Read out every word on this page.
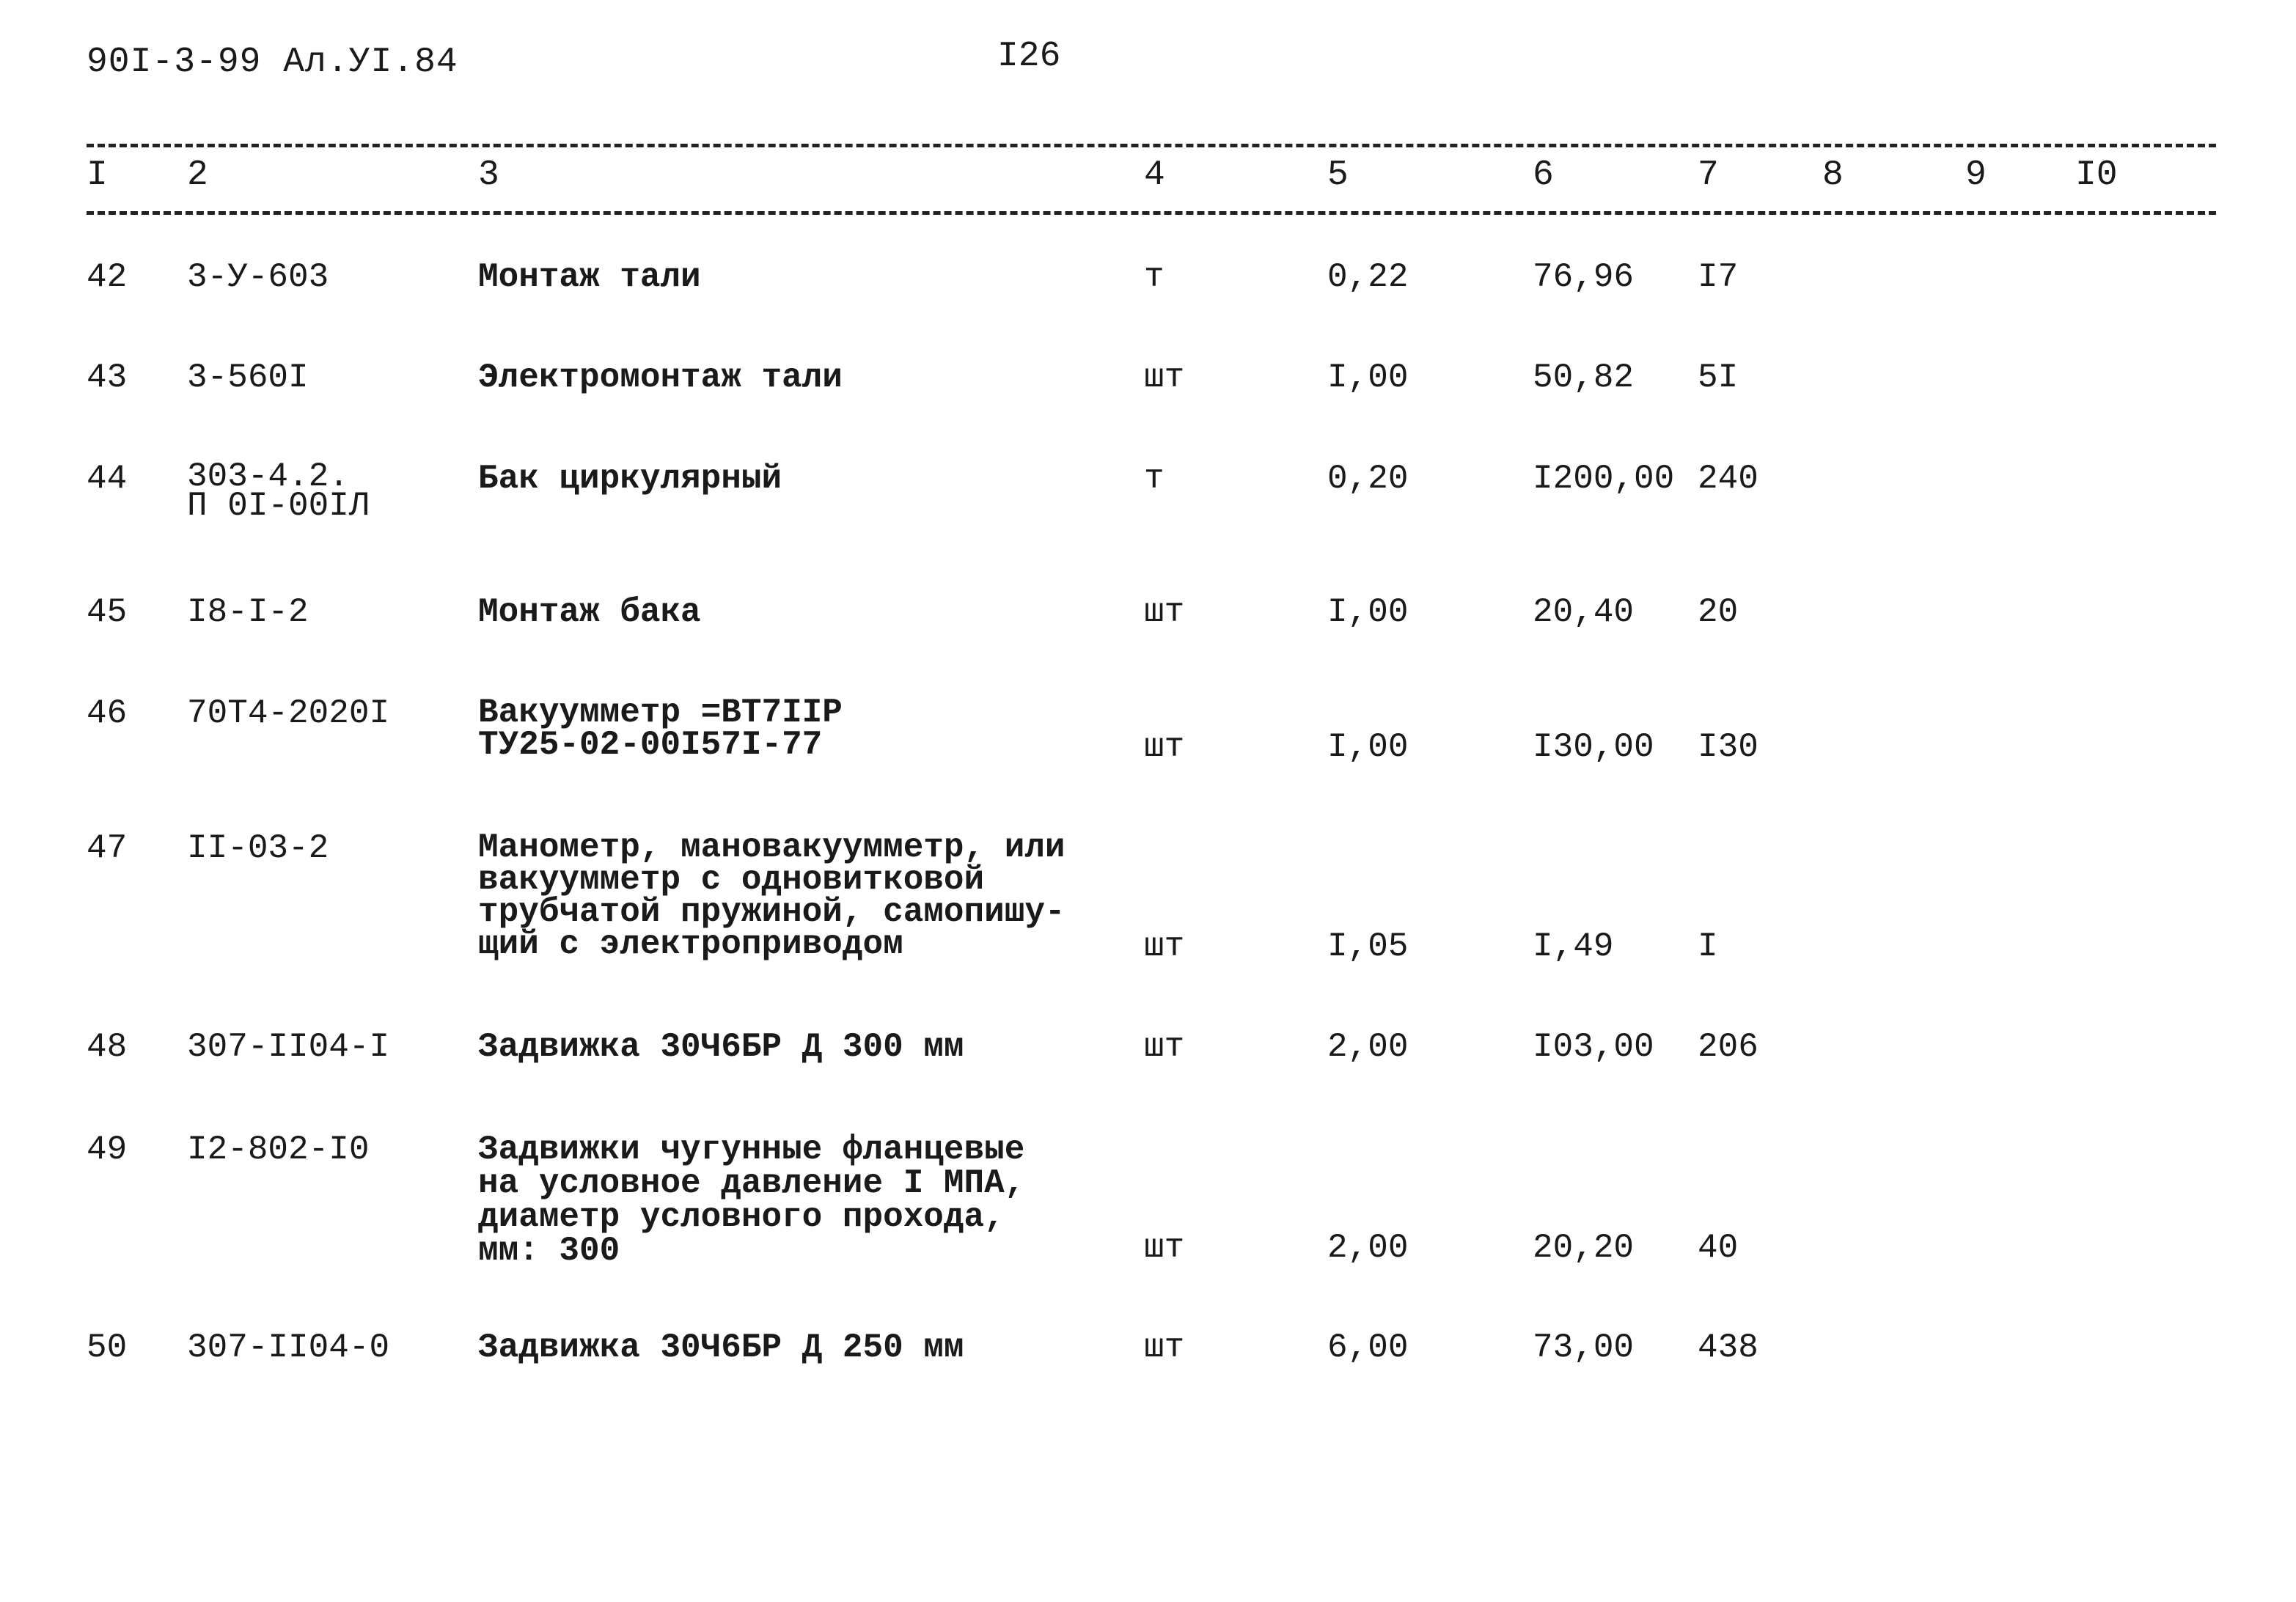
90I-3-99 Ал.УI.84	I26
I 2	3	4	5	6	7	8	9	I0
42 3-У-603	Монтаж тали	т	0,22	76,96 I7
43 3-560I	Электромонтаж тали	шт	I,00	50,82 5I
44 303-4.2.
П 0I-00IЛ
Бак циркулярный	т	0,20	I200,00 240
45 I8-I-2	Монтаж бака	шт	I,00	20,40 20
46 70Т4-2020I	Вакуумметр =ВТ7IIР
ТУ25-02-00I57I-77	шт	I,00	I30,00 I30
47 II-03-2	Манометр, мановакуумметр, или
вакуумметр с одновитковой
трубчатой пружиной, самопишу-
щий с электроприводом	шт	I,05	I,49 I
48 307-II04-I	Задвижка 30Ч6БР Д 300 мм	шт	2,00	I03,00 206
49 I2-802-I0	Задвижки чугунные фланцевые
на условное давление I МПА,
диаметр условного прохода,
мм: 300	шт	2,00	20,20 40
50 307-II04-0	Задвижка 30Ч6БР Д 250 мм	шт	6,00	73,00 438
